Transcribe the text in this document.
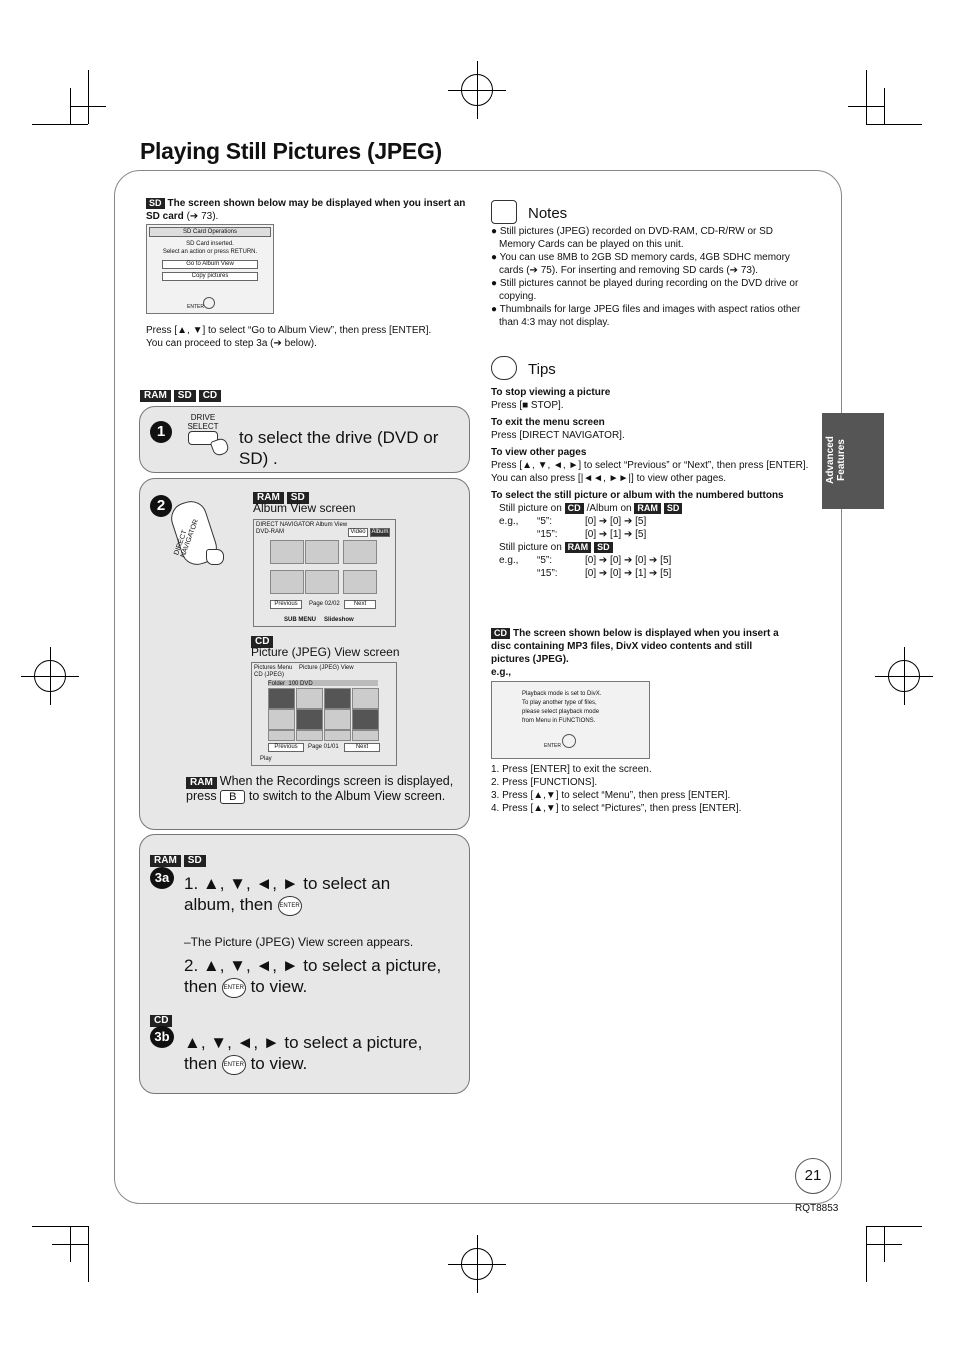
Playing Still Pictures (JPEG)
Advanced Features
SD The screen shown below may be displayed when you insert an SD card (➔ 73).
SD Card Operations
SD Card inserted.
Select an action or press RETURN.
Go to Album View
Copy pictures
ENTER
Press [▲, ▼] to select “Go to Album View”, then press [ENTER].
You can proceed to step 3a (➔ below).
RAM SD CD
1
DRIVE SELECT
to select the drive (DVD or SD) .
2
DIRECT NAVIGATOR
RAM SD
Album View screen
DIRECT NAVIGATOR Album View
DVD-RAM	Video Album
Previous	Page 02/02	Next
SUB MENU Slideshow
CD
Picture (JPEG) View screen
Pictures Menu Picture (JPEG) View
CD (JPEG)
Folder 100 DVD
Previous	Page 01/01	Next
Play
RAM When the Recordings screen is displayed, press B to switch to the Album View screen.
RAM SD
3a 1. ▲, ▼, ◄, ► to select an album, then ENTER
–The Picture (JPEG) View screen appears.
2. ▲, ▼, ◄, ► to select a picture, then ENTER to view.
CD
3b ▲, ▼, ◄, ► to select a picture, then ENTER to view.
Notes
● Still pictures (JPEG) recorded on DVD-RAM, CD-R/RW or SD Memory Cards can be played on this unit.
● You can use 8MB to 2GB SD memory cards, 4GB SDHC memory cards (➔ 75). For inserting and removing SD cards (➔ 73).
● Still pictures cannot be played during recording on the DVD drive or copying.
● Thumbnails for large JPEG files and images with aspect ratios other than 4:3 may not display.
Tips
To stop viewing a picture
Press [■ STOP].
To exit the menu screen
Press [DIRECT NAVIGATOR].
To view other pages
Press [▲, ▼, ◄, ►] to select “Previous” or “Next”, then press [ENTER].
You can also press [|◄◄, ►►|] to view other pages.
To select the still picture or album with the numbered buttons
Still picture on CD /Album on RAM SD
e.g., “5”:	[0] ➔ [0] ➔ [5]
“15”:	[0] ➔ [1] ➔ [5]
Still picture on RAM SD
e.g., “5”:	[0] ➔ [0] ➔ [0] ➔ [5]
“15”:	[0] ➔ [0] ➔ [1] ➔ [5]
CD The screen shown below is displayed when you insert a disc containing MP3 files, DivX video contents and still pictures (JPEG).
e.g.,
Playback mode is set to DivX.
To play another type of files,
please select playback mode
from Menu in FUNCTIONS.
ENTER
1. Press [ENTER] to exit the screen.
2. Press [FUNCTIONS].
3. Press [▲,▼] to select “Menu”, then press [ENTER].
4. Press [▲,▼] to select “Pictures”, then press [ENTER].
21
RQT8853
